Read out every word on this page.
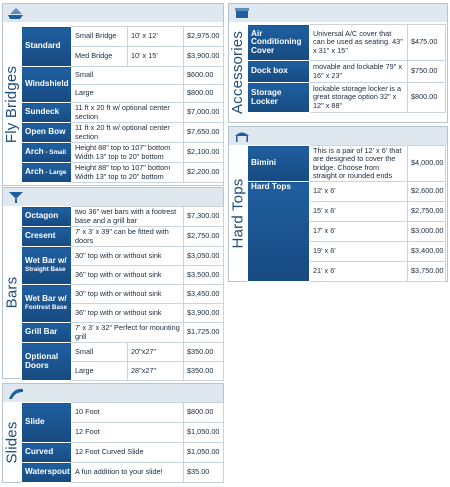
Fly Bridges
Standard	Small Bridge	10' x 12'	$2,975.00
	Med Bridge	10' x 15'	$3,900.00
Windshield	Small		$600.00
	Large		$800.00
Sundeck	11 ft x 20 ft w/ optional center section		$7,000.00
Open Bow	11 ft x 20 ft w/ optional center section		$7,650.00
Arch - Small	Height 88" top to 107" bottom Width 13" top to 20" bottom		$2,100.00
Arch - Large	Height 88" top to 107" bottom Width 13" top to 20" bottom		$2,200.00
Bars
Octagon	two 36" wet bars with a footrest base and a grill bar		$7,300.00
Cresent	7' x 3' x 39" can be fitted with doors		$2,750.00
Wet Bar w/
Straight Base	30" top with or without sink		$3,050.00
	36" top with or without sink		$3,500.00
Wet Bar w/
Footrest Base	30" top with or without sink		$3,450.00
	36" top with or without sink		$3,900.00
Grill Bar	7' x 3' x 32" Perfect for mounting grill		$1,725.00
Optional Doors	Small	20"x27"	$350.00
	Large	28"x27"	$350.00
Slides Slide	10 Foot	$800.00
	12 Foot	$1,050.00
Curved	12 Foot Curved Slide	$1,050.00
Waterspout	A fun addition to your slide!	$35.00
Accessories Air Conditioning Cover	Universal A/C cover that can be used as seating. 43" x 31" x 15"	$475.00
Dock box	movable and lockable 79" x 16" x 23"	$750.00
Storage Locker	lockable storage locker is a great storage option 32" x 12" x 88"	$800.00
Hard Tops
Bimini	This is a pair of 12' x 6' that are designed to cover the bridge. Choose from straight or rounded ends	$4,000.00
Hard Tops	12' x 6'	$2,600.00
	15' x 6'	$2,750.00
	17' x 6'	$3,000.00
	19' x 6'	$3,400.00
	21' x 6'	$3,750.00
